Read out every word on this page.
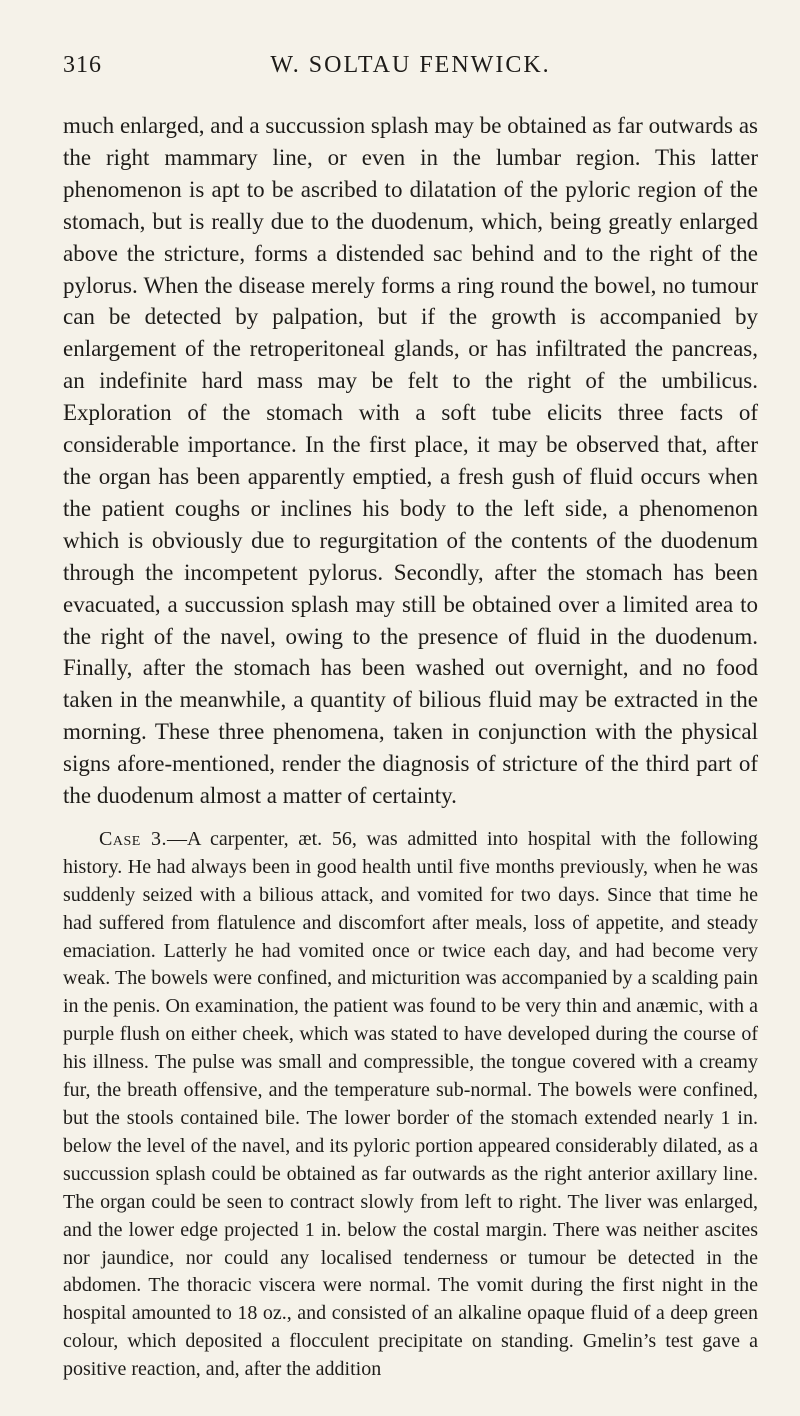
316	W. SOLTAU FENWICK.

much enlarged, and a succussion splash may be obtained as far outwards as the right mammary line, or even in the lumbar region. This latter phenomenon is apt to be ascribed to dilatation of the pyloric region of the stomach, but is really due to the duodenum, which, being greatly enlarged above the stricture, forms a distended sac behind and to the right of the pylorus. When the disease merely forms a ring round the bowel, no tumour can be detected by palpation, but if the growth is accompanied by enlargement of the retroperitoneal glands, or has infiltrated the pancreas, an indefinite hard mass may be felt to the right of the umbilicus. Exploration of the stomach with a soft tube elicits three facts of considerable importance. In the first place, it may be observed that, after the organ has been apparently emptied, a fresh gush of fluid occurs when the patient coughs or inclines his body to the left side, a phenomenon which is obviously due to regurgitation of the contents of the duodenum through the incompetent pylorus. Secondly, after the stomach has been evacuated, a succussion splash may still be obtained over a limited area to the right of the navel, owing to the presence of fluid in the duodenum. Finally, after the stomach has been washed out overnight, and no food taken in the meanwhile, a quantity of bilious fluid may be extracted in the morning. These three phenomena, taken in conjunction with the physical signs afore-mentioned, render the diagnosis of stricture of the third part of the duodenum almost a matter of certainty.

Case 3.—A carpenter, æt. 56, was admitted into hospital with the following history. He had always been in good health until five months previously, when he was suddenly seized with a bilious attack, and vomited for two days. Since that time he had suffered from flatulence and discomfort after meals, loss of appetite, and steady emaciation. Latterly he had vomited once or twice each day, and had become very weak. The bowels were confined, and micturition was accompanied by a scalding pain in the penis. On examination, the patient was found to be very thin and anæmic, with a purple flush on either cheek, which was stated to have developed during the course of his illness. The pulse was small and compressible, the tongue covered with a creamy fur, the breath offensive, and the temperature sub-normal. The bowels were confined, but the stools contained bile. The lower border of the stomach extended nearly 1 in. below the level of the navel, and its pyloric portion appeared considerably dilated, as a succussion splash could be obtained as far outwards as the right anterior axillary line. The organ could be seen to contract slowly from left to right. The liver was enlarged, and the lower edge projected 1 in. below the costal margin. There was neither ascites nor jaundice, nor could any localised tenderness or tumour be detected in the abdomen. The thoracic viscera were normal. The vomit during the first night in the hospital amounted to 18 oz., and consisted of an alkaline opaque fluid of a deep green colour, which deposited a flocculent precipitate on standing. Gmelin’s test gave a positive reaction, and, after the addition
